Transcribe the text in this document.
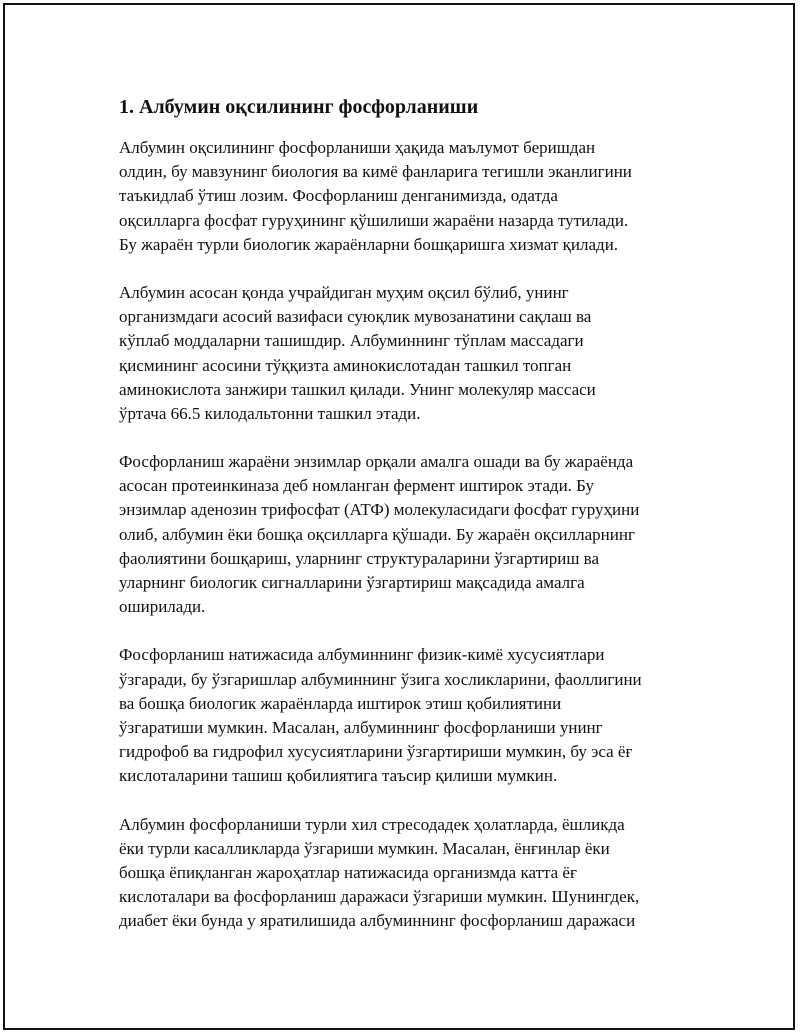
1. Албумин оқсилининг фосфорланиши
Албумин оқсилининг фосфорланиши ҳақида маълумот беришдан
олдин, бу мавзунинг биология ва кимё фанларига тегишли эканлигини
таъкидлаб ўтиш лозим. Фосфорланиш денганимизда, одатда
оқсилларга фосфат гуруҳининг қўшилиши жараёни назарда тутилади.
Бу жараён турли биологик жараёнларни бошқаришга хизмат қилади.
Албумин асосан қонда учрайдиган муҳим оқсил бўлиб, унинг
организмдаги асосий вазифаси суюқлик мувозанатини сақлаш ва
кўплаб моддаларни ташишдир. Албуминнинг тўплам массадаги
қисмининг асосини тўққизта аминокислотадан ташкил топган
аминокислота занжири ташкил қилади. Унинг молекуляр массаси
ўртача 66.5 килодальтонни ташкил этади.
Фосфорланиш жараёни энзимлар орқали амалга ошади ва бу жараёнда
асосан протеинкиназа деб номланган фермент иштирок этади. Бу
энзимлар аденозин трифосфат (АТФ) молекуласидаги фосфат гуруҳини
олиб, албумин ёки бошқа оқсилларга қўшади. Бу жараён оқсилларнинг
фаолиятини бошқариш, уларнинг структураларини ўзгартириш ва
уларнинг биологик сигналларини ўзгартириш мақсадида амалга
оширилади.
Фосфорланиш натижасида албуминнинг физик-кимё хусусиятлари
ўзгаради, бу ўзгаришлар албуминнинг ўзига хосликларини, фаоллигини
ва бошқа биологик жараёнларда иштирок этиш қобилиятини
ўзгаратиши мумкин. Масалан, албуминнинг фосфорланиши унинг
гидрофоб ва гидрофил хусусиятларини ўзгартириши мумкин, бу эса ёғ
кислоталарини ташиш қобилиятига таъсир қилиши мумкин.
Албумин фосфорланиши турли хил стресодадек ҳолатларда, ёшликда
ёки турли касалликларда ўзгариши мумкин. Масалан, ёнғинлар ёки
бошқа ёпиқланган жароҳатлар натижасида организмда катта ёғ
кислоталари ва фосфорланиш даражаси ўзгариши мумкин. Шунингдек,
диабет ёки бунда у яратилишида албуминнинг фосфорланиш даражаси
